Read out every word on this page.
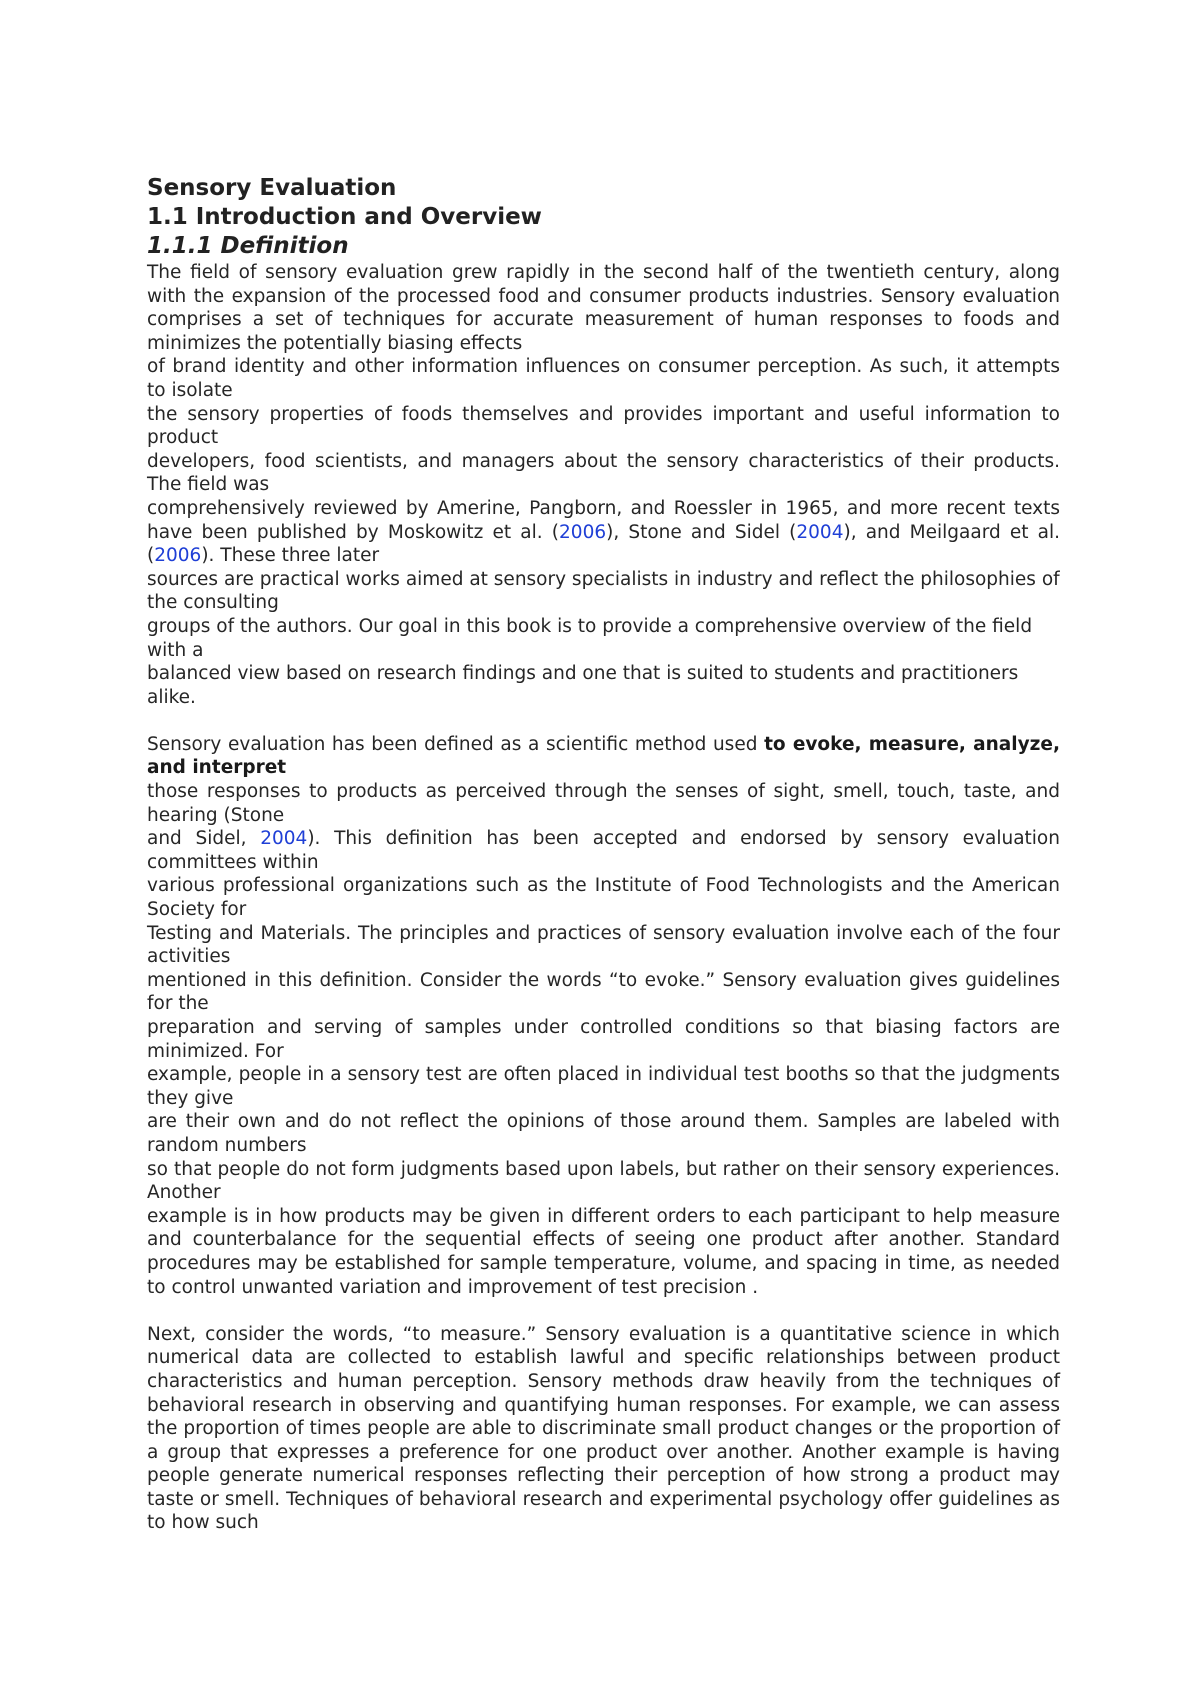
Sensory Evaluation
1.1 Introduction and Overview
1.1.1 Definition

The field of sensory evaluation grew rapidly in the second half of the twentieth century, along with the expansion of the processed food and consumer products industries. Sensory evaluation comprises a set of techniques for accurate measurement of human responses to foods and minimizes the potentially biasing effects

of brand identity and other information influences on consumer perception. As such, it attempts to isolate

the sensory properties of foods themselves and provides important and useful information to product

developers, food scientists, and managers about the sensory characteristics of their products. The field was

comprehensively reviewed by Amerine, Pangborn, and Roessler in 1965, and more recent texts have been published by Moskowitz et al. (2006), Stone and Sidel (2004), and Meilgaard et al. (2006). These three later

sources are practical works aimed at sensory specialists in industry and reflect the philosophies of the consulting

groups of the authors. Our goal in this book is to provide a comprehensive overview of the field with a

balanced view based on research findings and one that is suited to students and practitioners alike.

Sensory evaluation has been defined as a scientific method used to evoke, measure, analyze, and interpret

those responses to products as perceived through the senses of sight, smell, touch, taste, and hearing (Stone

and Sidel, 2004). This definition has been accepted and endorsed by sensory evaluation committees within

various professional organizations such as the Institute of Food Technologists and the American Society for

Testing and Materials. The principles and practices of sensory evaluation involve each of the four activities

mentioned in this definition. Consider the words “to evoke.” Sensory evaluation gives guidelines for the

preparation and serving of samples under controlled conditions so that biasing factors are minimized. For

example, people in a sensory test are often placed in individual test booths so that the judgments they give

are their own and do not reflect the opinions of those around them. Samples are labeled with random numbers

so that people do not form judgments based upon labels, but rather on their sensory experiences. Another

example is in how products may be given in different orders to each participant to help measure and counterbalance for the sequential effects of seeing one product after another. Standard procedures may be established for sample temperature, volume, and spacing in time, as needed to control unwanted variation and improvement of test precision .

Next, consider the words, “to measure.” Sensory evaluation is a quantitative science in which numerical data are collected to establish lawful and specific relationships between product characteristics and human perception. Sensory methods draw heavily from the techniques of behavioral research in observing and quantifying human responses. For example, we can assess the proportion of times people are able to discriminate small product changes or the proportion of a group that expresses a preference for one product over another. Another example is having people generate numerical responses reflecting their perception of how strong a product may taste or smell. Techniques of behavioral research and experimental psychology offer guidelines as to how such
